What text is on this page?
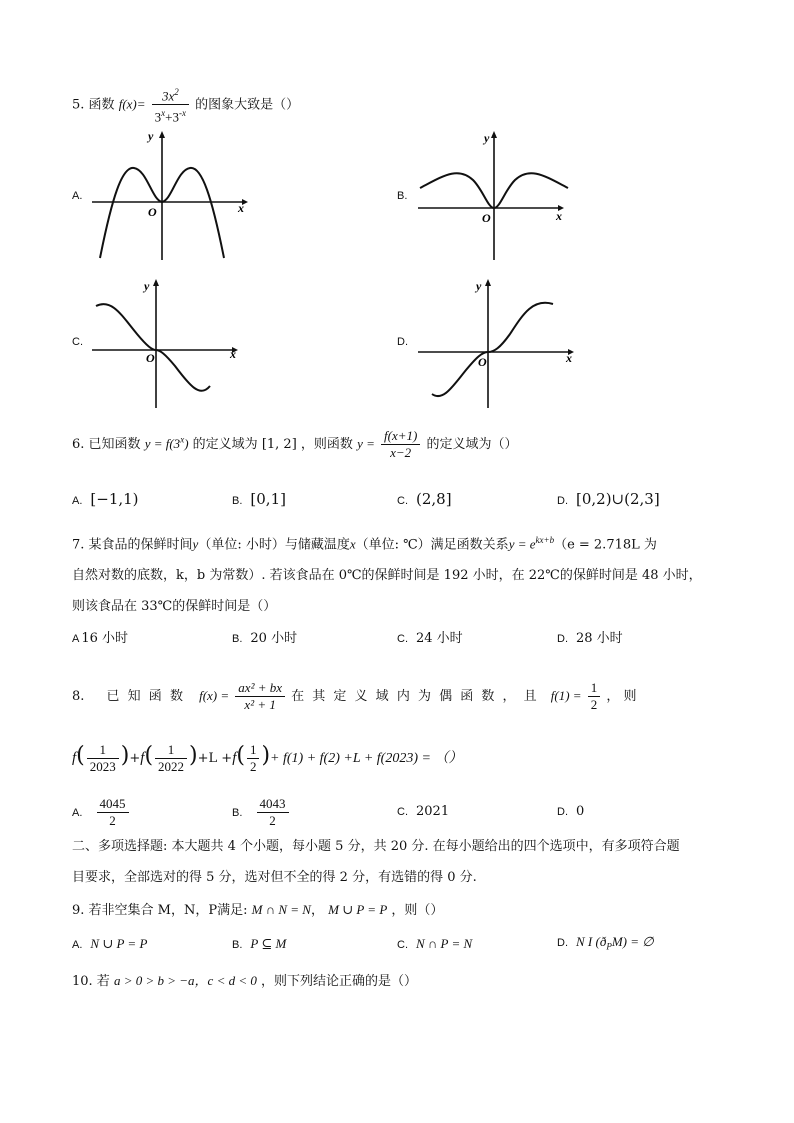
5. 函数 $f(x)= \frac{3x^2}{3^x+3^{-x}}$ 的图象大致是（）
A.
y
x
O
B.
y
x
O
C.
y
x
O
D.
y
x
O
6. 已知函数 $y = f(3^x)$ 的定义域为 [1, 2] ，则函数 $y = \frac{f(x+1)}{x-2}$ 的定义域为（）
A. [−1,1)	B. [0,1]	C. (2,8]	D. [0,2)∪(2,3]
7. 某食品的保鲜时间y（单位: 小时）与储藏温度x（单位: ℃）满足函数关系$y = e^{kx+b}(e = 2.718L$ 为
自然对数的底数，k，b 为常数）. 若该食品在 0℃的保鲜时间是 192 小时，在 22℃的保鲜时间是 48 小时，
则该食品在 33℃的保鲜时间是（）
A 16 小时	B. 20 小时	C. 24 小时	D. 28 小时
8. 已 知 函 数 $f(x) = \frac{\text{ax² + bx}}{\text{x² + 1}}$ 在 其 定 义 域 内 为 偶 函 数 ， 且 $f(1) = \frac{1}{2}$ ， 则
$f( \frac{1}{2023} )+f( \frac{1}{2022} )+L +f( \frac{1}{2}$ )+ f(1) + f(2) +L + f(2023) = （）
A. $\frac{4045}{2}$	B. $\frac{4043}{2}$	C. 2021	D. 0
二、多项选择题: 本大题共 4 个小题，每小题 5 分，共 20 分. 在每小题给出的四个选项中，有多项符合题
目要求，全部选对的得 5 分，选对但不全的得 2 分，有选错的得 0 分.
9. 若非空集合 M，N，P满足: M ∩ N = N， M ∪ P = P ，则（）
A. N ∪ P = P	B. P ⊆ M	C. N ∩ P = N	D. N I $(ð_PM)$ = ∅
10. 若 a > 0 > b > −a，c < d < 0 ，则下列结论正确的是（）
